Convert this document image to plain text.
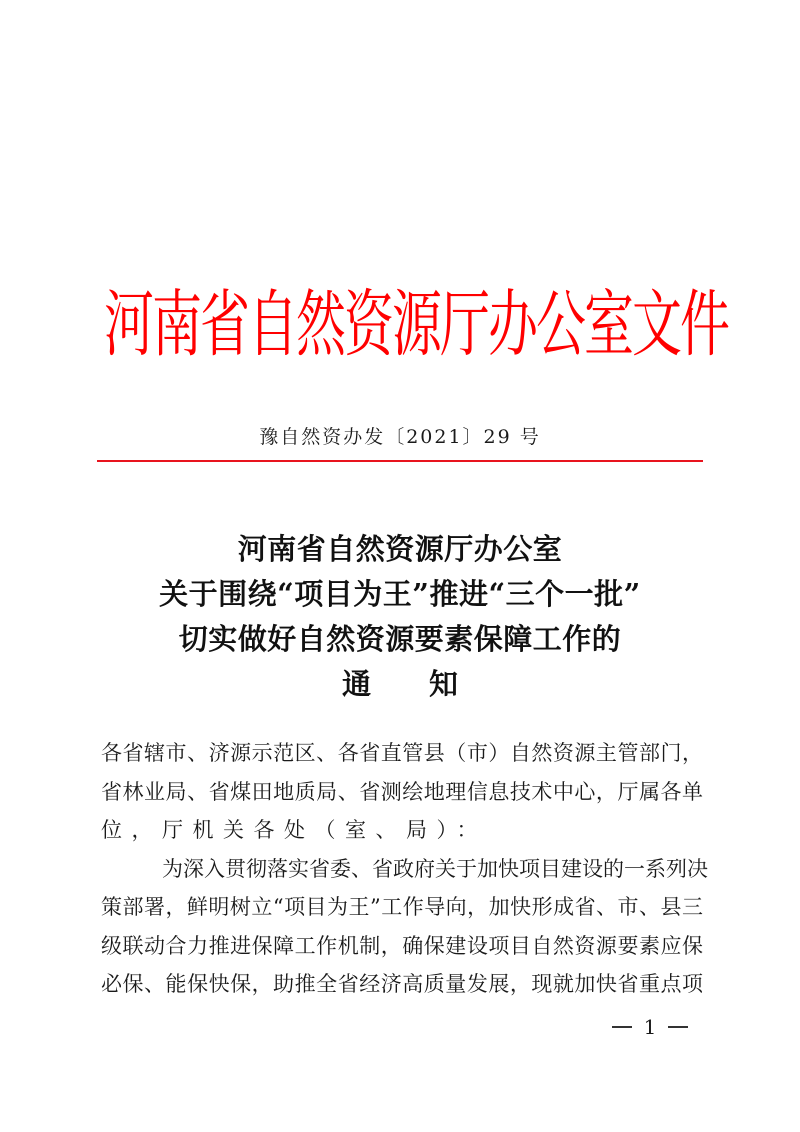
河
南
省
自
然
资
源
厅
办
公
室
文
件
豫自然资办发〔2021〕29 号
河南省自然资源厅办公室
关于围绕“项目为王”推进“三个一批”
切实做好自然资源要素保障工作的
通 知

各省辖市、济源示范区、各省直管县（市）自然资源主管部门，
省林业局、省煤田地质局、省测绘地理信息技术中心，厅属各单
位，厅机关各处（室、局）：

为深入贯彻落实省委、省政府关于加快项目建设的一系列决
策部署，鲜明树立“项目为王”工作导向，加快形成省、市、县三
级联动合力推进保障工作机制，确保建设项目自然资源要素应保
必保、能保快保，助推全省经济高质量发展，现就加快省重点项

1
